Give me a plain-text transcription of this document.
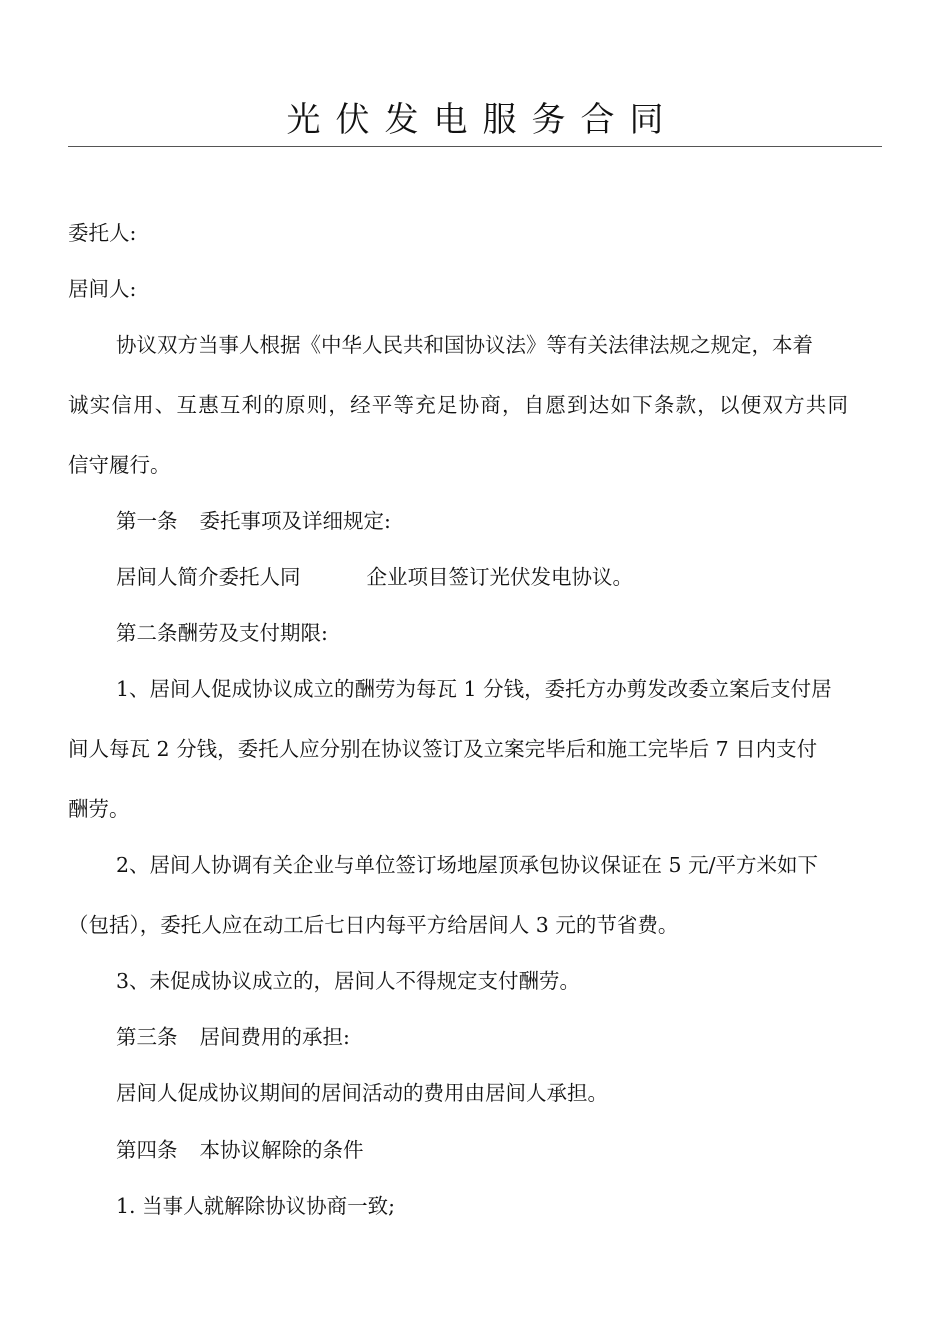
光伏发电服务合同
委托人:
居间人:
协议双方当事人根据《中华人民共和国协议法》等有关法律法规之规定，本着
诚实信用、互惠互利的原则，经平等充足协商，自愿到达如下条款，以便双方共同
信守履行。
第一条 委托事项及详细规定:
居间人简介委托人同	企业项目签订光伏发电协议。
第二条酬劳及支付期限:
1、居间人促成协议成立的酬劳为每瓦 1 分钱，委托方办剪发改委立案后支付居
间人每瓦 2 分钱，委托人应分别在协议签订及立案完毕后和施工完毕后 7 日内支付
酬劳。
2、居间人协调有关企业与单位签订场地屋顶承包协议保证在 5 元/平方米如下
（包括），委托人应在动工后七日内每平方给居间人 3 元的节省费。
3、未促成协议成立的，居间人不得规定支付酬劳。
第三条 居间费用的承担:
居间人促成协议期间的居间活动的费用由居间人承担。
第四条 本协议解除的条件
1. 当事人就解除协议协商一致;
